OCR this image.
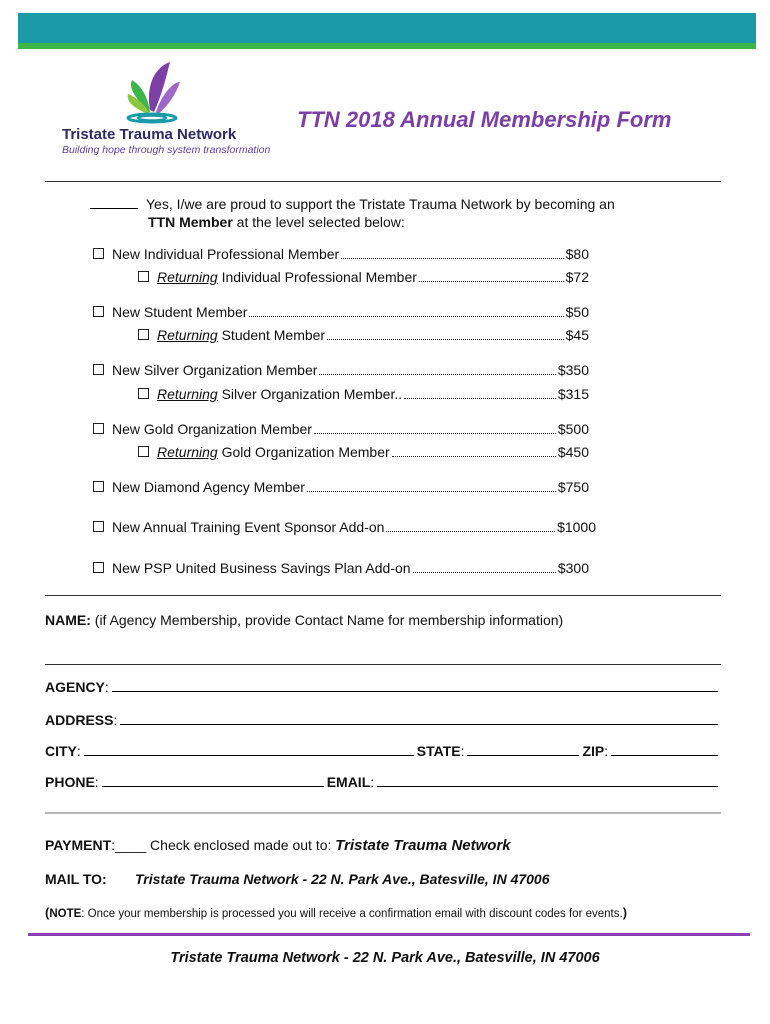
Tristate Trauma Network
Building hope through system transformation
TTN 2018 Annual Membership Form
Yes, I/we are proud to support the Tristate Trauma Network by becoming an
TTN Member at the level selected below:
New Individual Professional Member	$80
Returning Individual Professional Member	$72
New Student Member	$50
Returning Student Member	$45
New Silver Organization Member	$350
Returning Silver Organization Member..	$315
New Gold Organization Member	$500
Returning Gold Organization Member	$450
New Diamond Agency Member	$750
New Annual Training Event Sponsor Add-on	$1000
New PSP United Business Savings Plan Add-on	$300
NAME: (if Agency Membership, provide Contact Name for membership information)
AGENCY :
ADDRESS :
CITY :	STATE :	ZIP :
PHONE :	EMAIL :
PAYMENT:____ Check enclosed made out to: Tristate Trauma Network
MAIL TO: Tristate Trauma Network - 22 N. Park Ave., Batesville, IN 47006
(NOTE: Once your membership is processed you will receive a confirmation email with discount codes for events.)
Tristate Trauma Network - 22 N. Park Ave., Batesville, IN 47006
